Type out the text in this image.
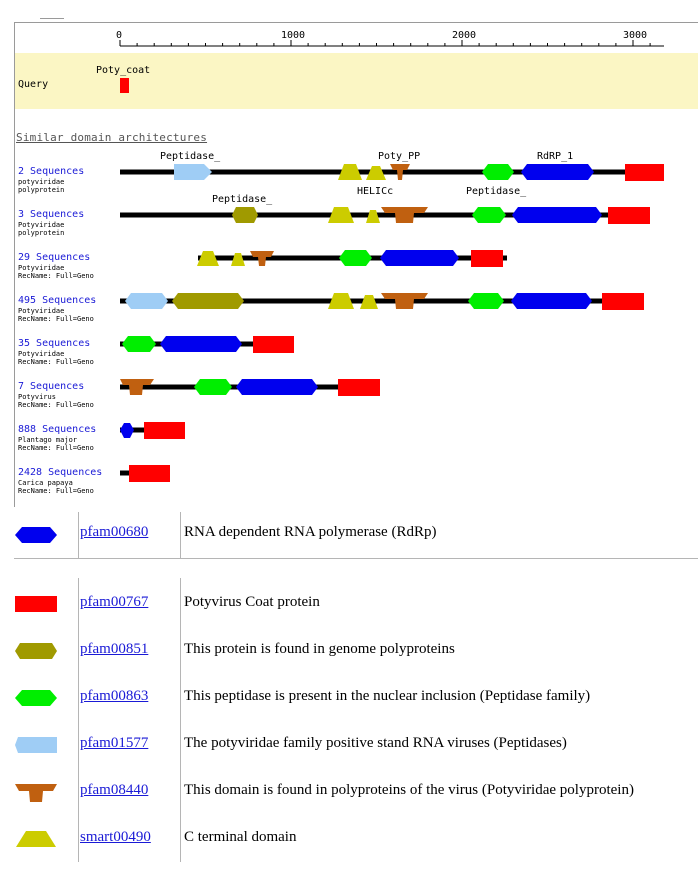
0	1000	2000	3000
Query
Poty_coat
Similar domain architectures
2 Sequences
potyviridae
polyprotein
3 Sequences
Potyviridae
polyprotein
29 Sequences
Potyviridae
RecName: Full=Geno
495 Sequences
Potyviridae
RecName: Full=Geno
35 Sequences
Potyviridae
RecName: Full=Geno
7 Sequences
Potyvirus
RecName: Full=Geno
888 Sequences
Plantago major
RecName: Full=Geno
2428 Sequences
Carica papaya
RecName: Full=Geno
Peptidase_	Poty_PP	RdRP_1
Peptidase_
HELICc	Peptidase_
pfam00680 RNA dependent RNA polymerase (RdRp)
pfam00767 Potyvirus Coat protein
pfam00851 This protein is found in genome polyproteins
pfam00863 This peptidase is present in the nuclear inclusion (Peptidase family)
pfam01577 The potyviridae family positive stand RNA viruses (Peptidases)
pfam08440 This domain is found in polyproteins of the virus (Potyviridae polyprotein)
smart00490 C terminal domain
